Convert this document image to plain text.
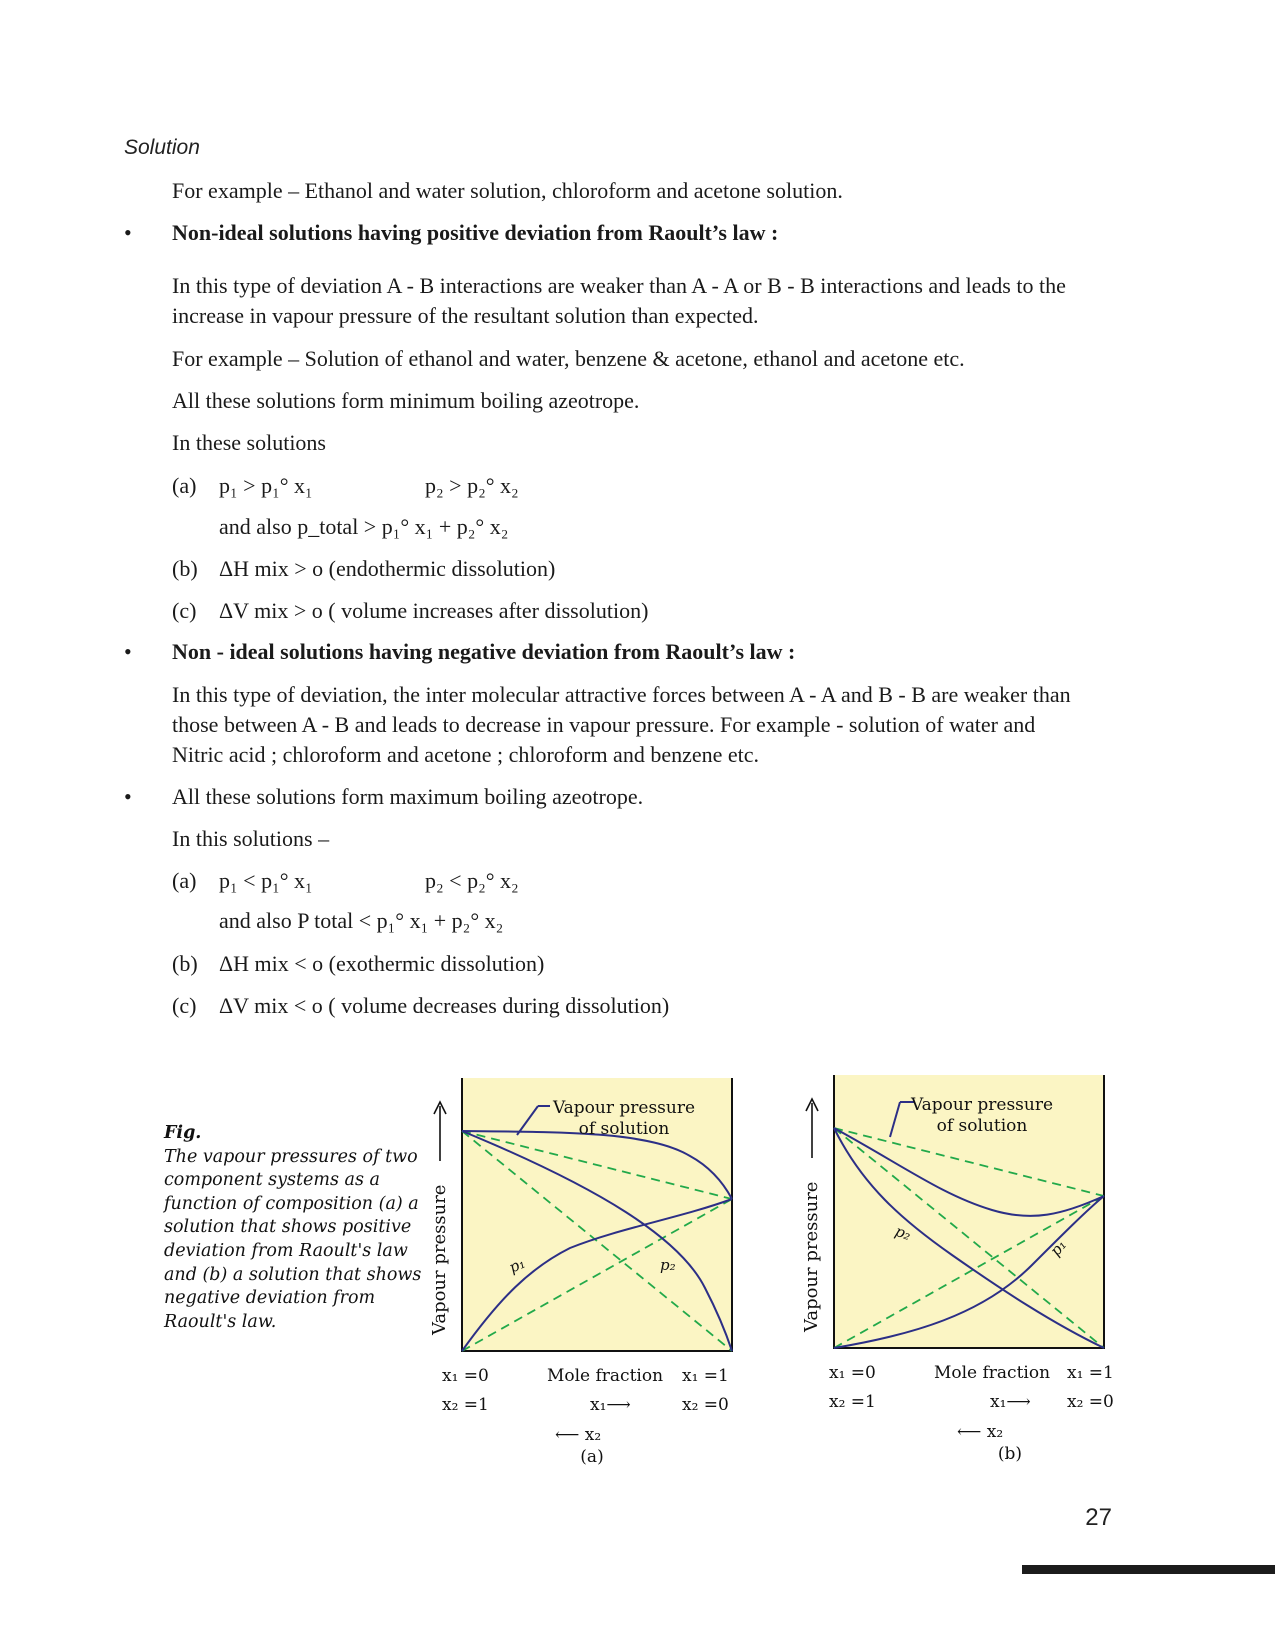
Solution
For example – Ethanol and water solution, chloroform and acetone solution.
• Non-ideal solutions having positive deviation from Raoult’s law :
In this type of deviation A - B interactions are weaker than A - A or B - B interactions and leads to the
increase in vapour pressure of the resultant solution than expected.
For example – Solution of ethanol and water, benzene & acetone, ethanol and acetone etc.
All these solutions form minimum boiling azeotrope.
In these solutions
(a) p₁ > p₁° x₁	p₂ > p₂° x₂
and also p_total > p₁° x₁ + p₂° x₂
(b) ΔH mix > o (endothermic dissolution)
(c) ΔV mix > o ( volume increases after dissolution)
• Non - ideal solutions having negative deviation from Raoult’s law :
In this type of deviation, the inter molecular attractive forces between A - A and B - B are weaker than
those between A - B and leads to decrease in vapour pressure. For example - solution of water and
Nitric acid ; chloroform and acetone ; chloroform and benzene etc.
• All these solutions form maximum boiling azeotrope.
In this solutions –
(a) p₁ < p₁° x₁	p₂ < p₂° x₂
and also P total < p₁° x₁ + p₂° x₂
(b) ΔH mix < o (exothermic dissolution)
(c) ΔV mix < o ( volume decreases during dissolution)
Fig.
The vapour pressures of two component systems as a function of composition (a) a solution that shows positive deviation from Raoult's law and (b) a solution that shows negative deviation from Raoult's law.
Vapour pressure
of solution
p₁	p₂
Vapour pressure
x₁ =0
x₂ =1
Mole fraction x₁ =1
x₂ =0
x₁⟶
⟵ x₂
(a)
Vapour pressure
of solution
p₁
p₂
Vapour pressure
x₁ =0
x₂ =1
Mole fraction x₁ =1
x₂ =0
x₁⟶
⟵ x₂
(b)
27
